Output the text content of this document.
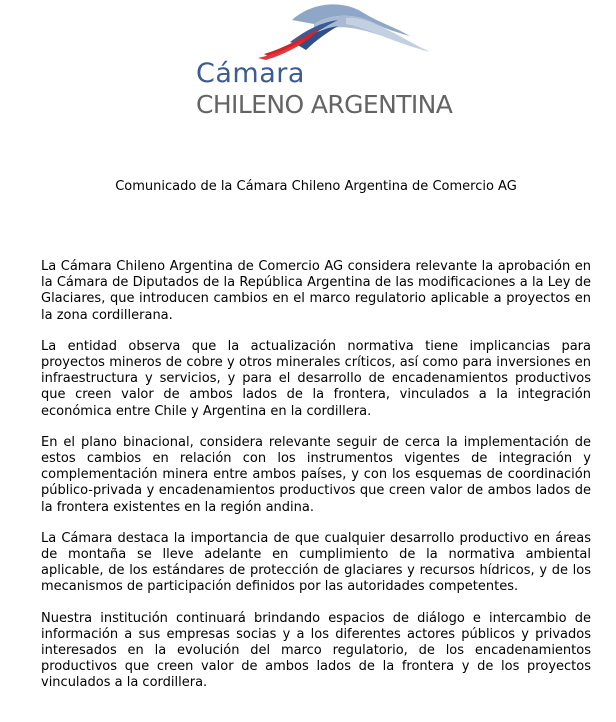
Cámara
CHILENO ARGENTINA
Comunicado de la Cámara Chileno Argentina de Comercio AG

La Cámara Chileno Argentina de Comercio AG considera relevante la aprobación en la Cámara de Diputados de la República Argentina de las modificaciones a la Ley de Glaciares, que introducen cambios en el marco regulatorio aplicable a proyectos en la zona cordillerana.

La entidad observa que la actualización normativa tiene implicancias para proyectos mineros de cobre y otros minerales críticos, así como para inversiones en infraestructura y servicios, y para el desarrollo de encadenamientos productivos que creen valor de ambos lados de la frontera, vinculados a la integración económica entre Chile y Argentina en la cordillera.

En el plano binacional, considera relevante seguir de cerca la implementación de estos cambios en relación con los instrumentos vigentes de integración y complementación minera entre ambos países, y con los esquemas de coordinación público-privada y encadenamientos productivos que creen valor de ambos lados de la frontera existentes en la región andina.

La Cámara destaca la importancia de que cualquier desarrollo productivo en áreas de montaña se lleve adelante en cumplimiento de la normativa ambiental aplicable, de los estándares de protección de glaciares y recursos hídricos, y de los mecanismos de participación definidos por las autoridades competentes.

Nuestra institución continuará brindando espacios de diálogo e intercambio de información a sus empresas socias y a los diferentes actores públicos y privados interesados en la evolución del marco regulatorio, de los encadenamientos productivos que creen valor de ambos lados de la frontera y de los proyectos vinculados a la cordillera.
